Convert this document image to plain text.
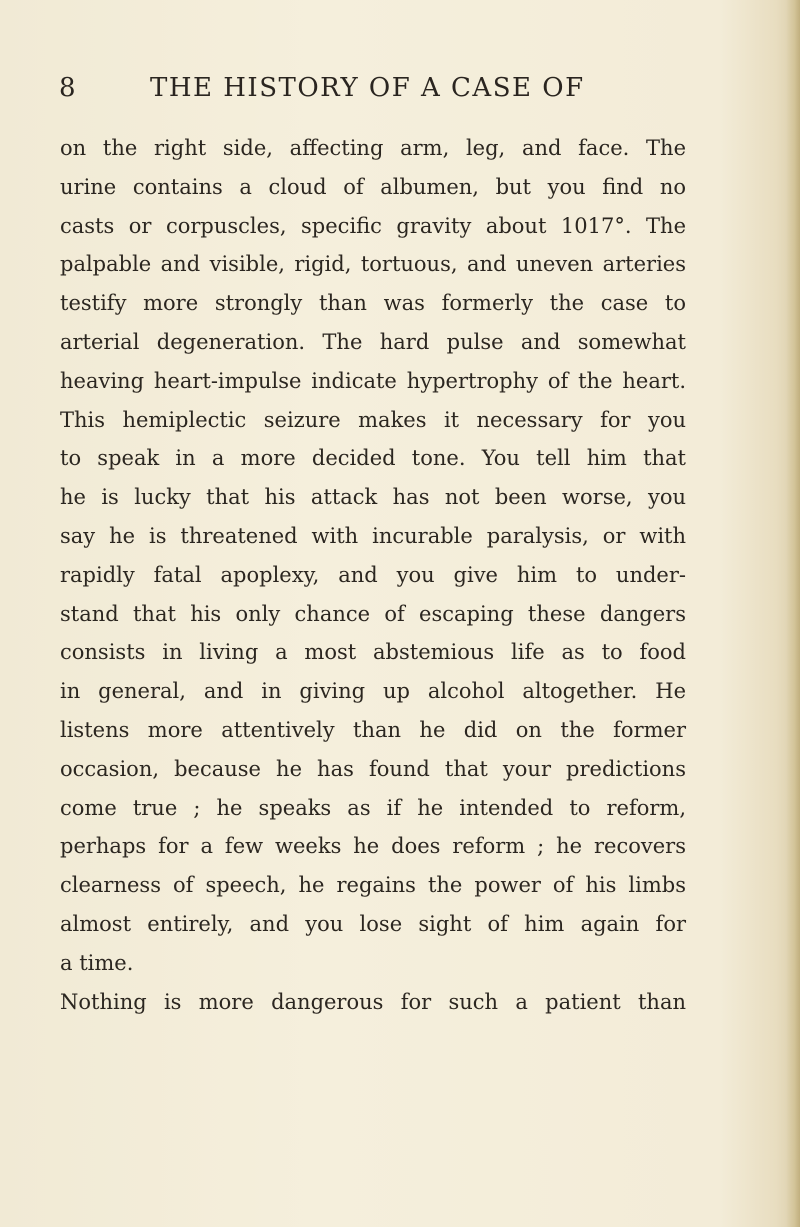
8	THE HISTORY OF A CASE OF
on the right side, affecting arm, leg, and face. The
urine contains a cloud of albumen, but you find no
casts or corpuscles, specific gravity about 1017°. The
palpable and visible, rigid, tortuous, and uneven arteries
testify more strongly than was formerly the case to
arterial degeneration. The hard pulse and somewhat
heaving heart-impulse indicate hypertrophy of the heart.
This hemiplectic seizure makes it necessary for you
to speak in a more decided tone. You tell him that
he is lucky that his attack has not been worse, you
say he is threatened with incurable paralysis, or with
rapidly fatal apoplexy, and you give him to under-
stand that his only chance of escaping these dangers
consists in living a most abstemious life as to food
in general, and in giving up alcohol altogether. He
listens more attentively than he did on the former
occasion, because he has found that your predictions
come true ; he speaks as if he intended to reform,
perhaps for a few weeks he does reform ; he recovers
clearness of speech, he regains the power of his limbs
almost entirely, and you lose sight of him again for
a time.
Nothing is more dangerous for such a patient than
